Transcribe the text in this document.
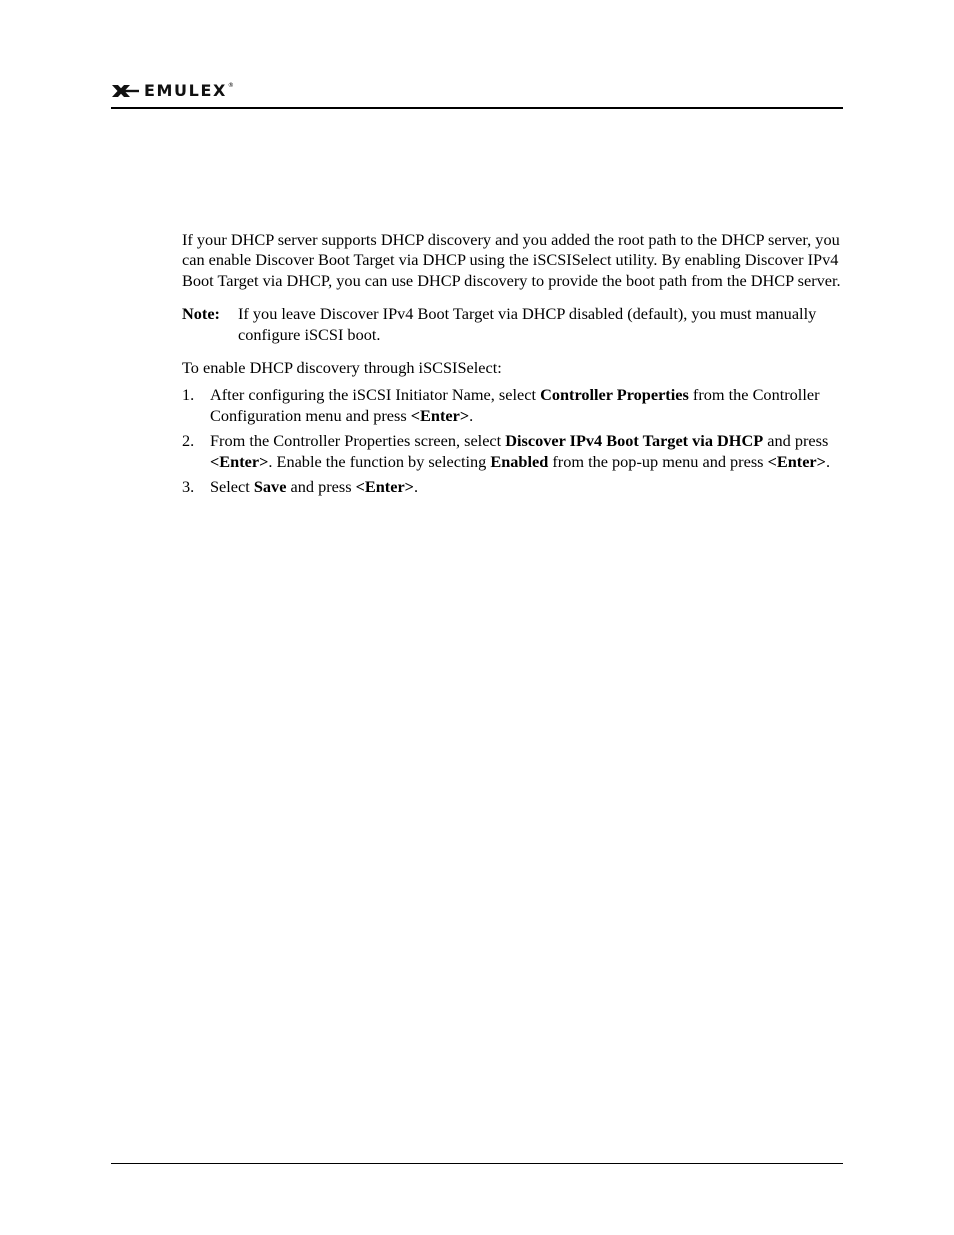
EMULEX ®

If your DHCP server supports DHCP discovery and you added the root path to the DHCP server, you can enable Discover Boot Target via DHCP using the iSCSISelect utility. By enabling Discover IPv4 Boot Target via DHCP, you can use DHCP discovery to provide the boot path from the DHCP server.

Note:	If you leave Discover IPv4 Boot Target via DHCP disabled (default), you must manually configure iSCSI boot.

To enable DHCP discovery through iSCSISelect:

1. After configuring the iSCSI Initiator Name, select Controller Properties from the Controller Configuration menu and press <Enter>.
2. From the Controller Properties screen, select Discover IPv4 Boot Target via DHCP and press <Enter>. Enable the function by selecting Enabled from the pop-up menu and press <Enter>.
3. Select Save and press <Enter>.
